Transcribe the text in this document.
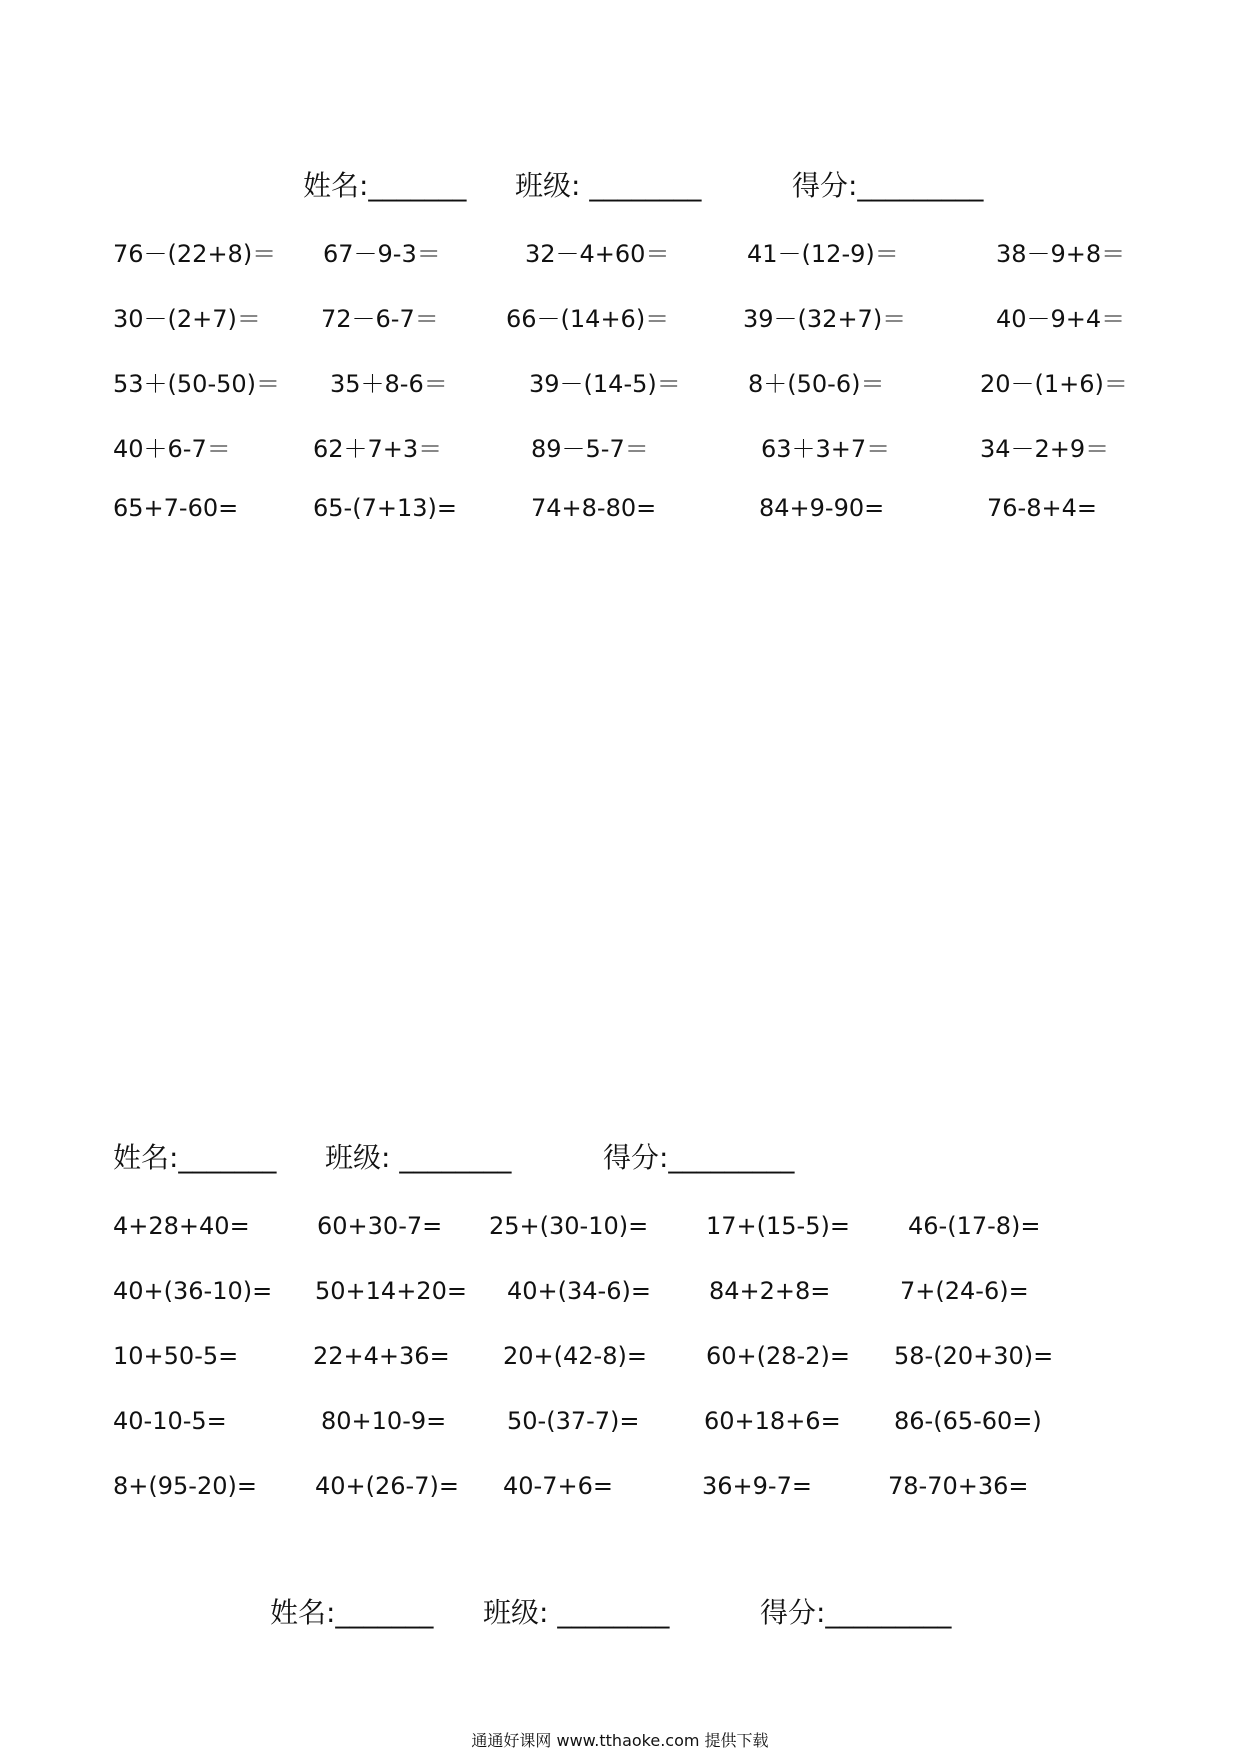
姓名:_______ 班级: ________	得分:_________
76－(22+8)＝ 67－9-3＝	32－4+60＝	41－(12-9)＝	38－9+8＝
30－(2+7)＝	72－6-7＝	66－(14+6)＝	39－(32+7)＝	40－9+4＝
53＋(50-50)＝ 35＋8-6＝	39－(14-5)＝	8＋(50-6)＝	20－(1+6)＝
40＋6-7＝	62＋7+3＝	89－5-7＝	63＋3+7＝	34－2+9＝
65+7-60=	65-(7+13)=	74+8-80=	84+9-90=	76-8+4=
姓名:_______ 班级: ________	得分:_________
4+28+40=	60+30-7= 25+(30-10)= 17+(15-5)= 46-(17-8)=
40+(36-10)= 50+14+20= 40+(34-6)= 84+2+8=	7+(24-6)=
10+50-5=	22+4+36= 20+(42-8)= 60+(28-2)= 58-(20+30)=
40-10-5=	80+10-9=	50-(37-7)=	60+18+6= 86-(65-60=)
8+(95-20)= 40+(26-7)= 40-7+6=	36+9-7=	78-70+36=
姓名:_______ 班级: ________	得分:_________
通通好课网 www.tthaoke.com 提供下载
